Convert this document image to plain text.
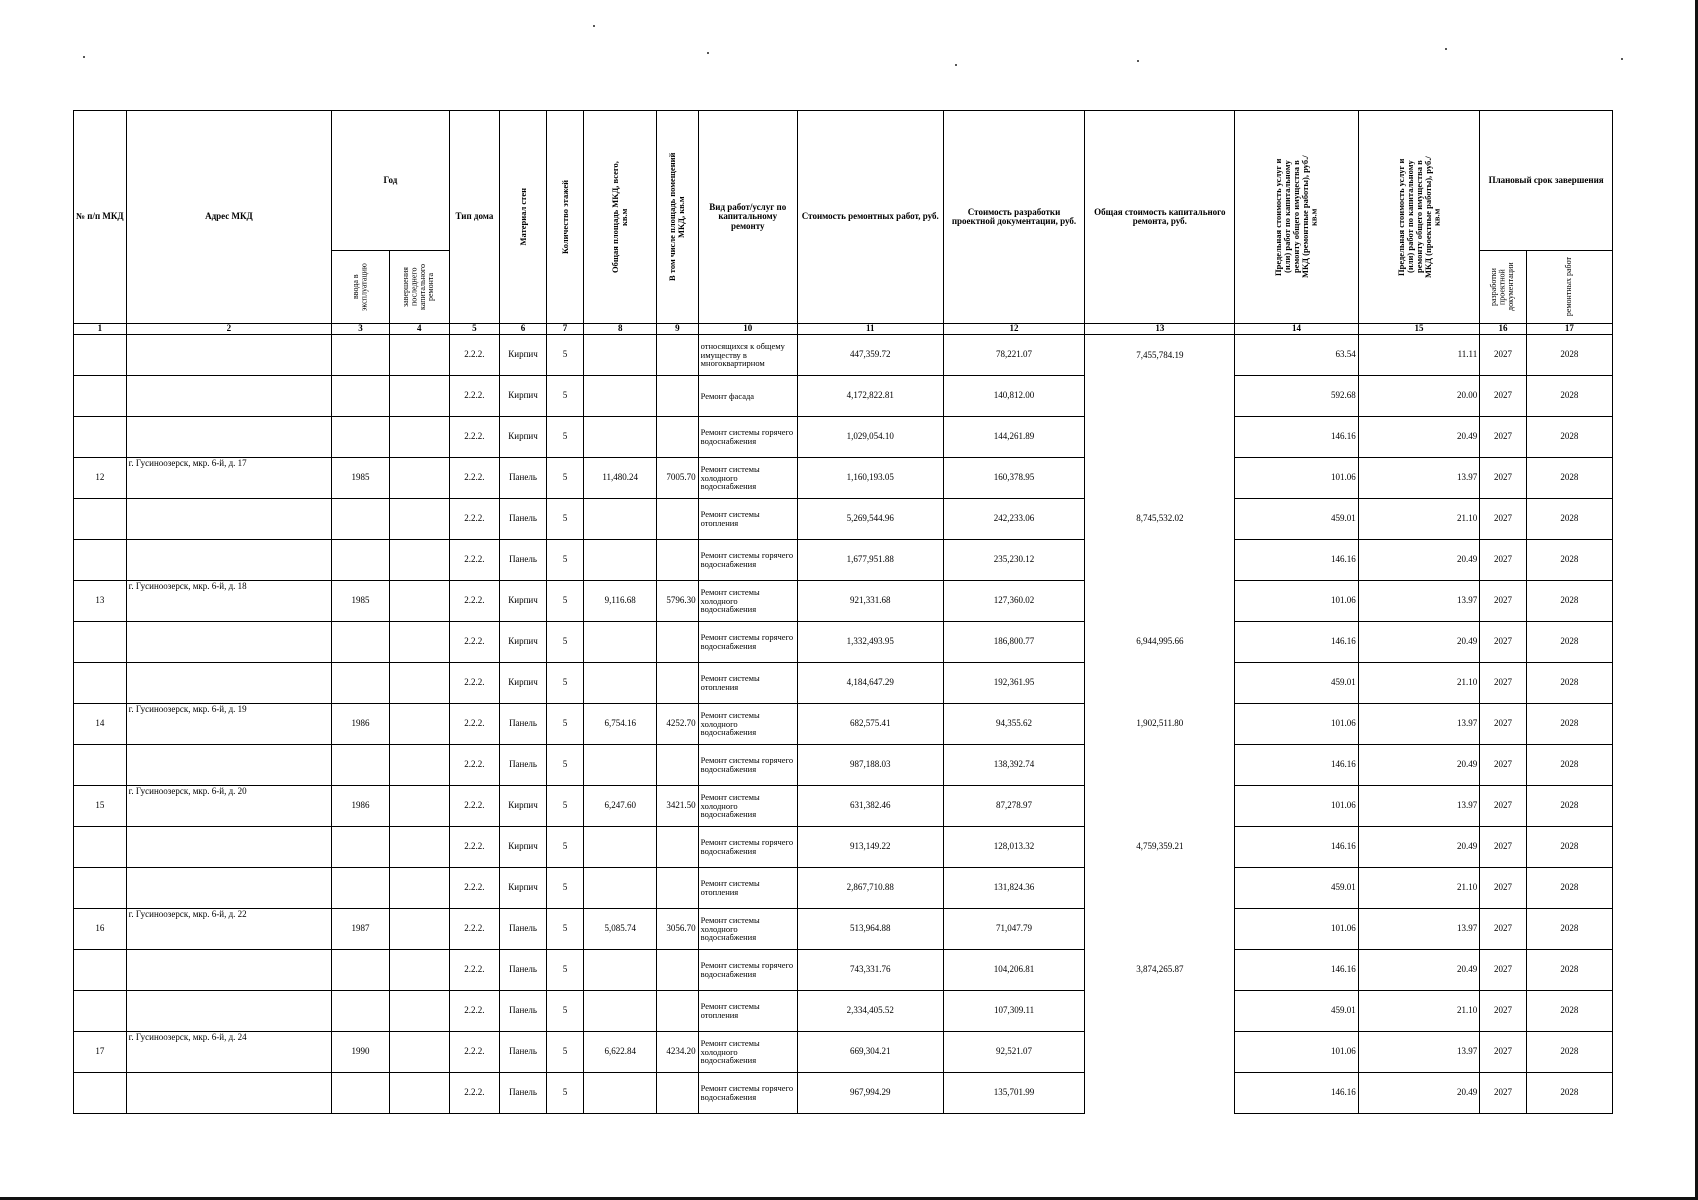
№ п/п МКД	Адрес МКД	Год		Тип дома	Материал стен	Количество этажей	Общая площадь МКД, всего, кв.м	В том числе площадь помещений МКД, кв.м	Вид работ/услуг по капитальному ремонту	Стоимость ремонтных работ, руб.	Стоимость разработки проектной документации, руб.	Общая стоимость капитального ремонта, руб.	Предельная стоимость услуг и (или) работ по капитальному ремонту общего имущества в МКД (ремонтные работы), руб./кв.м	Предельная стоимость услуг и (или) работ по капитальному ремонту общего имущества в МКД (проектные работы), руб./кв.м	Плановый срок завершения	

		ввода в эксплуатацию	завершения последнего капитального ремонта												разработки проектной документации	ремонтных работ

1	2	3	4	5	6	7	8	9	10	11	12	13	14	15	16	17
				2.2.2.	Кирпич	5			относящихся к общему имуществу в многоквартирном	447,359.72	78,221.07	7,455,784.19	63.54	11.11	2027	2028
				2.2.2.	Кирпич	5			Ремонт фасада	4,172,822.81	140,812.00		592.68	20.00	2027	2028
				2.2.2.	Кирпич	5			Ремонт системы горячего водоснабжения	1,029,054.10	144,261.89		146.16	20.49	2027	2028
12	г. Гусиноозерск, мкр. 6-й, д. 17	1985		2.2.2.	Панель	5	11,480.24	7005.70	Ремонт системы холодного водоснабжения	1,160,193.05	160,378.95		101.06	13.97	2027	2028
				2.2.2.	Панель	5			Ремонт системы отопления	5,269,544.96	242,233.06	8,745,532.02	459.01	21.10	2027	2028
				2.2.2.	Панель	5			Ремонт системы горячего водоснабжения	1,677,951.88	235,230.12		146.16	20.49	2027	2028
13	г. Гусиноозерск, мкр. 6-й, д. 18	1985		2.2.2.	Кирпич	5	9,116.68	5796.30	Ремонт системы холодного водоснабжения	921,331.68	127,360.02		101.06	13.97	2027	2028
				2.2.2.	Кирпич	5			Ремонт системы горячего водоснабжения	1,332,493.95	186,800.77	6,944,995.66	146.16	20.49	2027	2028
				2.2.2.	Кирпич	5			Ремонт системы отопления	4,184,647.29	192,361.95		459.01	21.10	2027	2028
14	г. Гусиноозерск, мкр. 6-й, д. 19	1986		2.2.2.	Панель	5	6,754.16	4252.70	Ремонт системы холодного водоснабжения	682,575.41	94,355.62	1,902,511.80	101.06	13.97	2027	2028
				2.2.2.	Панель	5			Ремонт системы горячего водоснабжения	987,188.03	138,392.74		146.16	20.49	2027	2028
15	г. Гусиноозерск, мкр. 6-й, д. 20	1986		2.2.2.	Кирпич	5	6,247.60	3421.50	Ремонт системы холодного водоснабжения	631,382.46	87,278.97		101.06	13.97	2027	2028
				2.2.2.	Кирпич	5			Ремонт системы горячего водоснабжения	913,149.22	128,013.32	4,759,359.21	146.16	20.49	2027	2028
				2.2.2.	Кирпич	5			Ремонт системы отопления	2,867,710.88	131,824.36		459.01	21.10	2027	2028
16	г. Гусиноозерск, мкр. 6-й, д. 22	1987		2.2.2.	Панель	5	5,085.74	3056.70	Ремонт системы холодного водоснабжения	513,964.88	71,047.79		101.06	13.97	2027	2028
				2.2.2.	Панель	5			Ремонт системы горячего водоснабжения	743,331.76	104,206.81	3,874,265.87	146.16	20.49	2027	2028
				2.2.2.	Панель	5			Ремонт системы отопления	2,334,405.52	107,309.11		459.01	21.10	2027	2028
17	г. Гусиноозерск, мкр. 6-й, д. 24	1990		2.2.2.	Панель	5	6,622.84	4234.20	Ремонт системы холодного водоснабжения	669,304.21	92,521.07		101.06	13.97	2027	2028
				2.2.2.	Панель	5			Ремонт системы горячего водоснабжения	967,994.29	135,701.99		146.16	20.49	2027	2028
